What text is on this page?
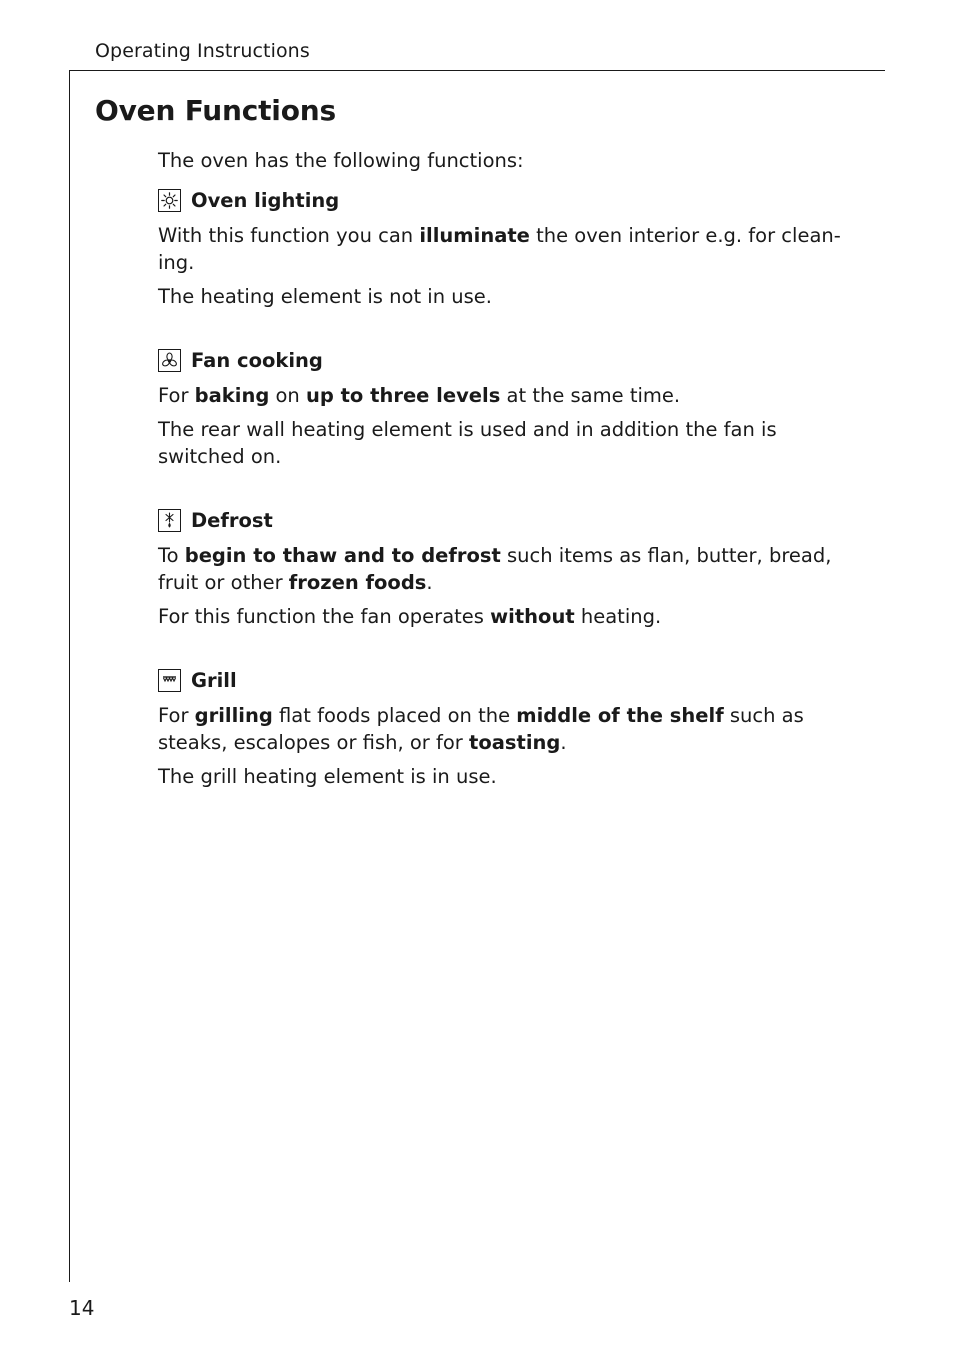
Operating Instructions
Oven Functions

The oven has the following functions:

Oven lighting

With this function you can illuminate the oven interior e.g. for clean-ing.

The heating element is not in use.

Fan cooking

For baking on up to three levels at the same time.

The rear wall heating element is used and in addition the fan is switched on.

Defrost

To begin to thaw and to defrost such items as flan, butter, bread, fruit or other frozen foods.

For this function the fan operates without heating.

Grill

For grilling flat foods placed on the middle of the shelf such as steaks, escalopes or fish, or for toasting.

The grill heating element is in use.

14
